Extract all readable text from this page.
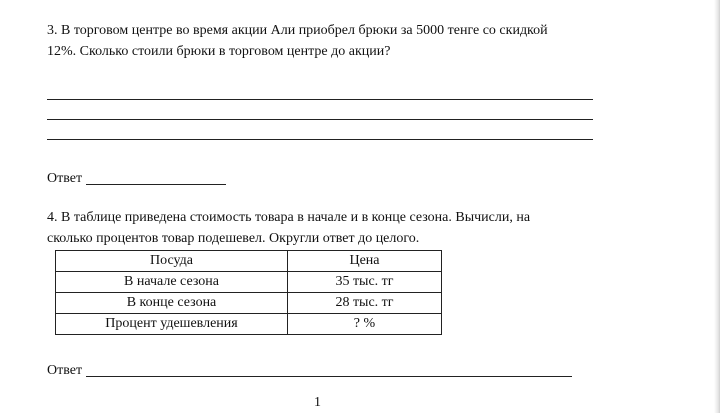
3. В торговом центре во время акции Али приобрел брюки за 5000 тенге со скидкой
12%. Сколько стоили брюки в торговом центре до акции?
Ответ
4. В таблице приведена стоимость товара в начале и в конце сезона. Вычисли, на
сколько процентов товар подешевел. Округли ответ до целого.
Посуда	Цена
В начале сезона	35 тыс. тг
В конце сезона	28 тыс. тг
Процент удешевления	? %
Ответ
1
